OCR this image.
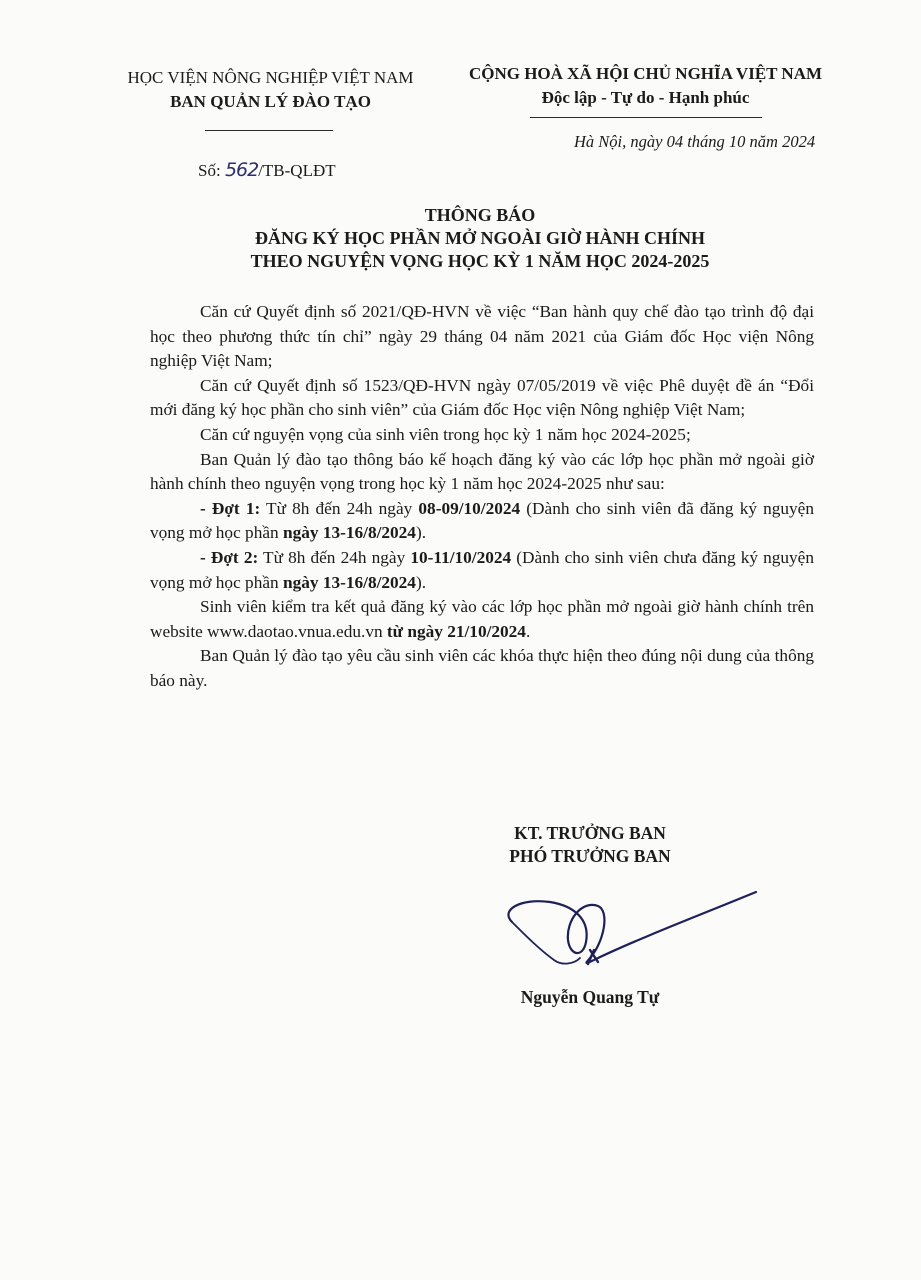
HỌC VIỆN NÔNG NGHIỆP VIỆT NAM
BAN QUẢN LÝ ĐÀO TẠO
CỘNG HOÀ XÃ HỘI CHỦ NGHĨA VIỆT NAM
Độc lập - Tự do - Hạnh phúc
Hà Nội, ngày 04 tháng 10 năm 2024
Số: 562/TB-QLĐT
THÔNG BÁO
ĐĂNG KÝ HỌC PHẦN MỞ NGOÀI GIỜ HÀNH CHÍNH
THEO NGUYỆN VỌNG HỌC KỲ 1 NĂM HỌC 2024-2025

Căn cứ Quyết định số 2021/QĐ-HVN về việc “Ban hành quy chế đào tạo trình độ đại học theo phương thức tín chỉ” ngày 29 tháng 04 năm 2021 của Giám đốc Học viện Nông nghiệp Việt Nam;

Căn cứ Quyết định số 1523/QĐ-HVN ngày 07/05/2019 về việc Phê duyệt đề án “Đổi mới đăng ký học phần cho sinh viên” của Giám đốc Học viện Nông nghiệp Việt Nam;

Căn cứ nguyện vọng của sinh viên trong học kỳ 1 năm học 2024-2025;

Ban Quản lý đào tạo thông báo kế hoạch đăng ký vào các lớp học phần mở ngoài giờ hành chính theo nguyện vọng trong học kỳ 1 năm học 2024-2025 như sau:

- Đợt 1: Từ 8h đến 24h ngày 08-09/10/2024 (Dành cho sinh viên đã đăng ký nguyện vọng mở học phần ngày 13-16/8/2024).

- Đợt 2: Từ 8h đến 24h ngày 10-11/10/2024 (Dành cho sinh viên chưa đăng ký nguyện vọng mở học phần ngày 13-16/8/2024).

Sinh viên kiểm tra kết quả đăng ký vào các lớp học phần mở ngoài giờ hành chính trên website www.daotao.vnua.edu.vn từ ngày 21/10/2024.

Ban Quản lý đào tạo yêu cầu sinh viên các khóa thực hiện theo đúng nội dung của thông báo này.

KT. TRƯỞNG BAN
PHÓ TRƯỞNG BAN
Nguyễn Quang Tự
